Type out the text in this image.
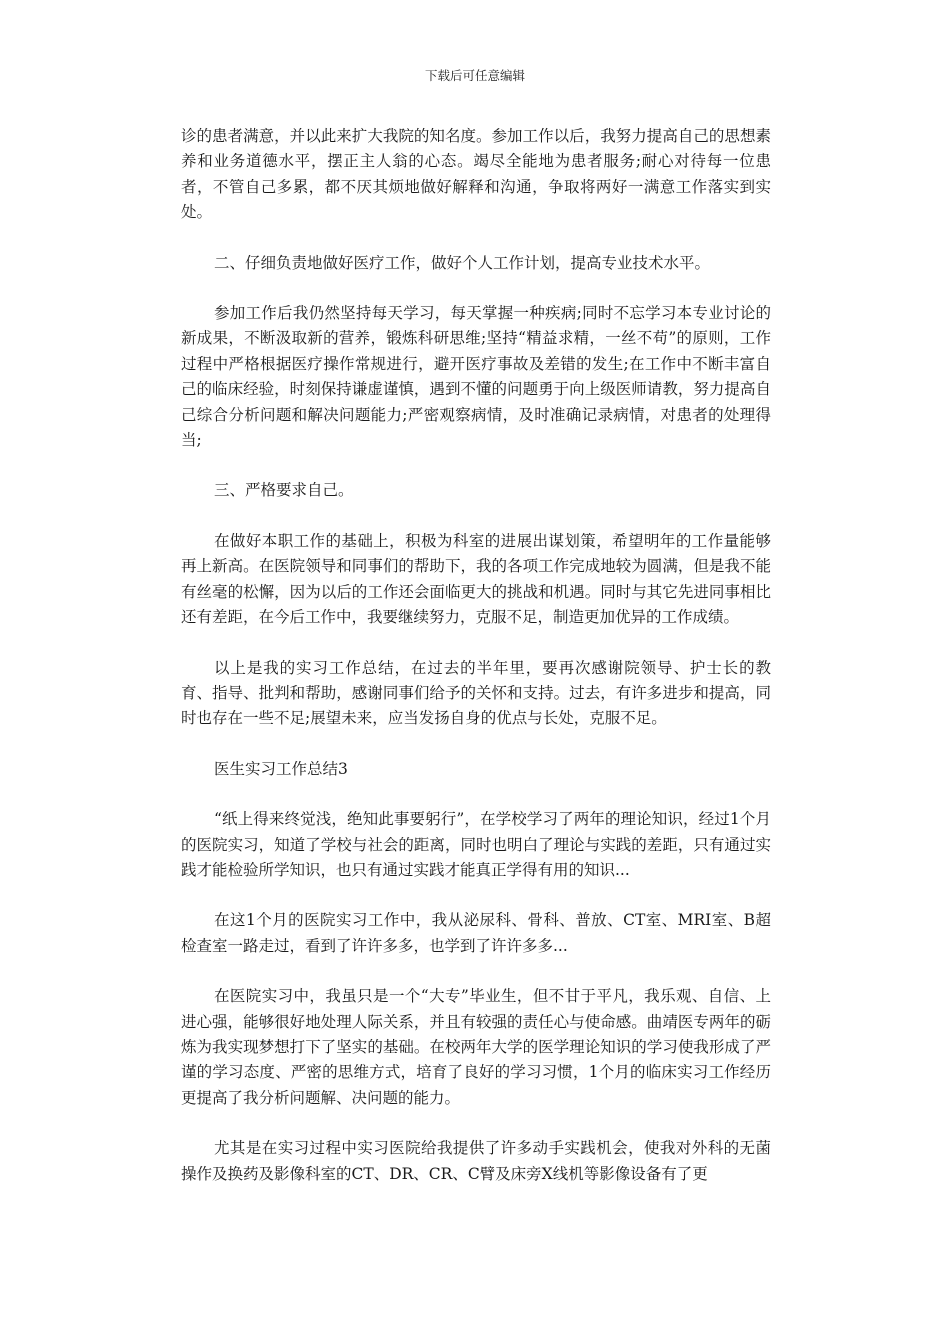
下载后可任意编辑

诊的患者满意，并以此来扩大我院的知名度。参加工作以后，我努力提高自己的思想素养和业务道德水平，摆正主人翁的心态。竭尽全能地为患者服务;耐心对待每一位患者，不管自己多累，都不厌其烦地做好解释和沟通，争取将两好一满意工作落实到实处。

二、仔细负责地做好医疗工作，做好个人工作计划，提高专业技术水平。

参加工作后我仍然坚持每天学习，每天掌握一种疾病;同时不忘学习本专业讨论的新成果，不断汲取新的营养，锻炼科研思维;坚持“精益求精，一丝不苟”的原则，工作过程中严格根据医疗操作常规进行，避开医疗事故及差错的发生;在工作中不断丰富自己的临床经验，时刻保持谦虚谨慎，遇到不懂的问题勇于向上级医师请教，努力提高自己综合分析问题和解决问题能力;严密观察病情，及时准确记录病情，对患者的处理得当;

三、严格要求自己。

在做好本职工作的基础上，积极为科室的进展出谋划策，希望明年的工作量能够再上新高。在医院领导和同事们的帮助下，我的各项工作完成地较为圆满，但是我不能有丝毫的松懈，因为以后的工作还会面临更大的挑战和机遇。同时与其它先进同事相比还有差距，在今后工作中，我要继续努力，克服不足，制造更加优异的工作成绩。

以上是我的实习工作总结，在过去的半年里，要再次感谢院领导、护士长的教育、指导、批判和帮助，感谢同事们给予的关怀和支持。过去，有许多进步和提高，同时也存在一些不足;展望未来，应当发扬自身的优点与长处，克服不足。

医生实习工作总结3

“纸上得来终觉浅，绝知此事要躬行”，在学校学习了两年的理论知识，经过1个月的医院实习，知道了学校与社会的距离，同时也明白了理论与实践的差距，只有通过实践才能检验所学知识，也只有通过实践才能真正学得有用的知识...

在这1个月的医院实习工作中，我从泌尿科、骨科、普放、CT室、MRI室、B超检查室一路走过，看到了许许多多，也学到了许许多多...

在医院实习中，我虽只是一个“大专”毕业生，但不甘于平凡，我乐观、自信、上进心强，能够很好地处理人际关系，并且有较强的责任心与使命感。曲靖医专两年的砺炼为我实现梦想打下了坚实的基础。在校两年大学的医学理论知识的学习使我形成了严谨的学习态度、严密的思维方式，培育了良好的学习习惯，1个月的临床实习工作经历更提高了我分析问题解、决问题的能力。

尤其是在实习过程中实习医院给我提供了许多动手实践机会，使我对外科的无菌操作及换药及影像科室的CT、DR、CR、C臂及床旁X线机等影像设备有了更
